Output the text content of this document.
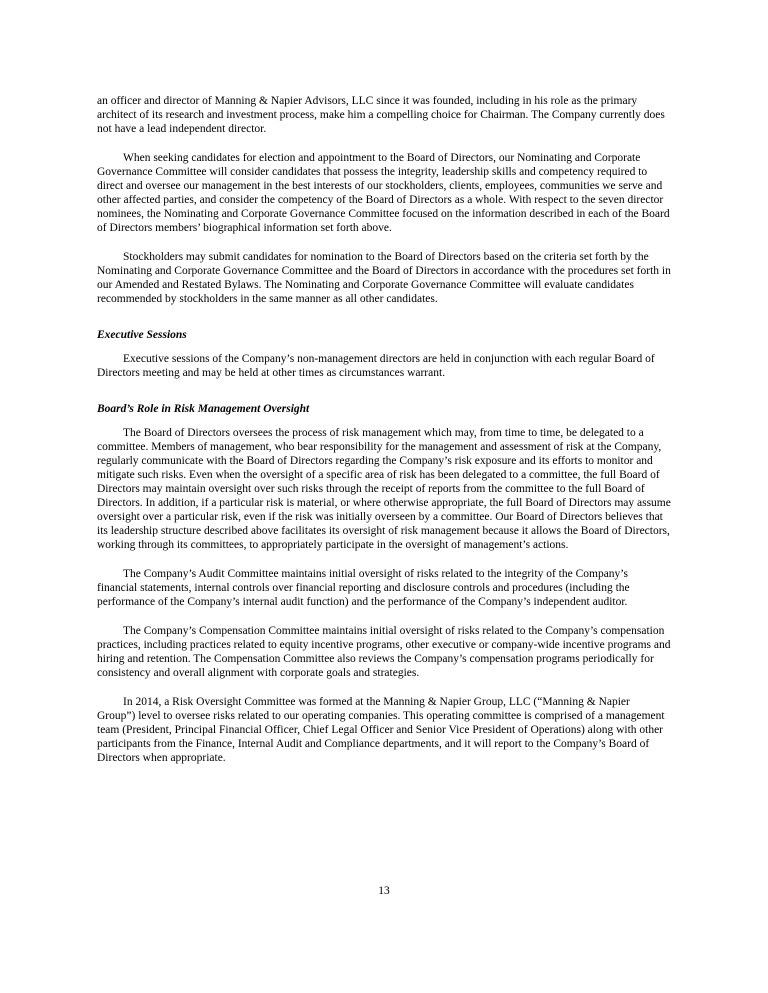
an officer and director of Manning & Napier Advisors, LLC since it was founded, including in his role as the primary architect of its research and investment process, make him a compelling choice for Chairman. The Company currently does not have a lead independent director.

When seeking candidates for election and appointment to the Board of Directors, our Nominating and Corporate Governance Committee will consider candidates that possess the integrity, leadership skills and competency required to direct and oversee our management in the best interests of our stockholders, clients, employees, communities we serve and other affected parties, and consider the competency of the Board of Directors as a whole. With respect to the seven director nominees, the Nominating and Corporate Governance Committee focused on the information described in each of the Board of Directors members’ biographical information set forth above.

Stockholders may submit candidates for nomination to the Board of Directors based on the criteria set forth by the Nominating and Corporate Governance Committee and the Board of Directors in accordance with the procedures set forth in our Amended and Restated Bylaws. The Nominating and Corporate Governance Committee will evaluate candidates recommended by stockholders in the same manner as all other candidates.

Executive Sessions

Executive sessions of the Company’s non-management directors are held in conjunction with each regular Board of Directors meeting and may be held at other times as circumstances warrant.

Board’s Role in Risk Management Oversight

The Board of Directors oversees the process of risk management which may, from time to time, be delegated to a committee. Members of management, who bear responsibility for the management and assessment of risk at the Company, regularly communicate with the Board of Directors regarding the Company’s risk exposure and its efforts to monitor and mitigate such risks. Even when the oversight of a specific area of risk has been delegated to a committee, the full Board of Directors may maintain oversight over such risks through the receipt of reports from the committee to the full Board of Directors. In addition, if a particular risk is material, or where otherwise appropriate, the full Board of Directors may assume oversight over a particular risk, even if the risk was initially overseen by a committee. Our Board of Directors believes that its leadership structure described above facilitates its oversight of risk management because it allows the Board of Directors, working through its committees, to appropriately participate in the oversight of management’s actions.

The Company’s Audit Committee maintains initial oversight of risks related to the integrity of the Company’s financial statements, internal controls over financial reporting and disclosure controls and procedures (including the performance of the Company’s internal audit function) and the performance of the Company’s independent auditor.

The Company’s Compensation Committee maintains initial oversight of risks related to the Company’s compensation practices, including practices related to equity incentive programs, other executive or company-wide incentive programs and hiring and retention. The Compensation Committee also reviews the Company’s compensation programs periodically for consistency and overall alignment with corporate goals and strategies.

In 2014, a Risk Oversight Committee was formed at the Manning & Napier Group, LLC (“Manning & Napier Group”) level to oversee risks related to our operating companies. This operating committee is comprised of a management team (President, Principal Financial Officer, Chief Legal Officer and Senior Vice President of Operations) along with other participants from the Finance, Internal Audit and Compliance departments, and it will report to the Company’s Board of Directors when appropriate.

13
